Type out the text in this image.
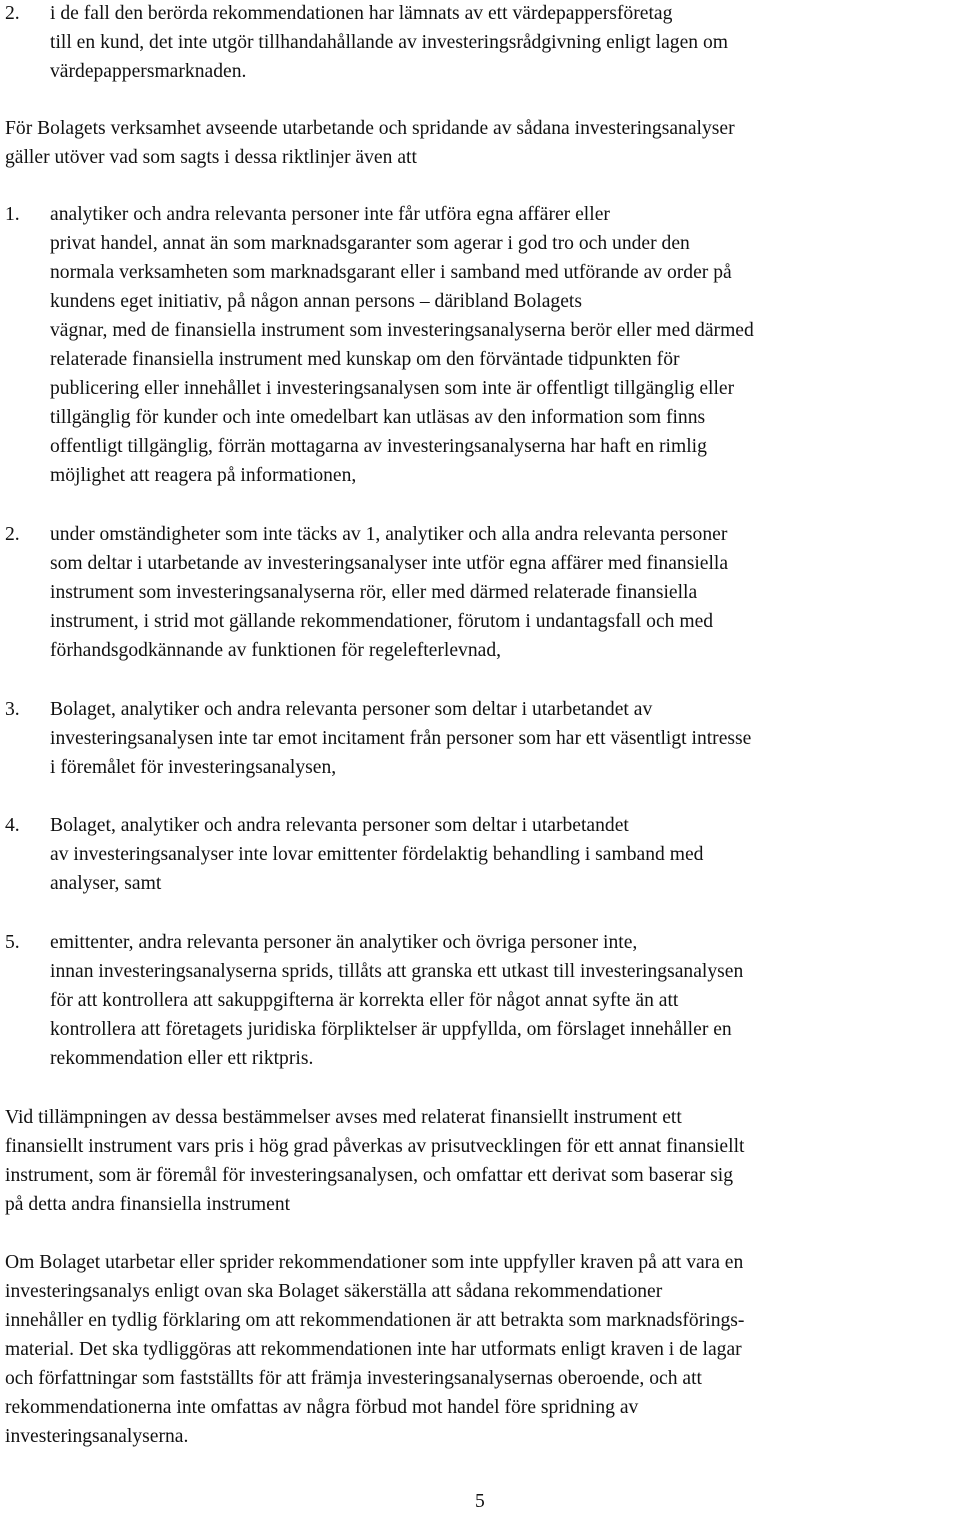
2. i de fall den berörda rekommendationen har lämnats av ett värdepappersföretag
till en kund, det inte utgör tillhandahållande av investeringsrådgivning enligt lagen om
värdepappersmarknaden.
För Bolagets verksamhet avseende utarbetande och spridande av sådana investeringsanalyser
gäller utöver vad som sagts i dessa riktlinjer även att
1. analytiker och andra relevanta personer inte får utföra egna affärer eller
privat handel, annat än som marknadsgaranter som agerar i god tro och under den
normala verksamheten som marknadsgarant eller i samband med utförande av order på
kundens eget initiativ, på någon annan persons – däribland Bolagets
vägnar, med de finansiella instrument som investeringsanalyserna berör eller med därmed
relaterade finansiella instrument med kunskap om den förväntade tidpunkten för
publicering eller innehållet i investeringsanalysen som inte är offentligt tillgänglig eller
tillgänglig för kunder och inte omedelbart kan utläsas av den information som finns
offentligt tillgänglig, förrän mottagarna av investeringsanalyserna har haft en rimlig
möjlighet att reagera på informationen,
2. under omständigheter som inte täcks av 1, analytiker och alla andra relevanta personer
som deltar i utarbetande av investeringsanalyser inte utför egna affärer med finansiella
instrument som investeringsanalyserna rör, eller med därmed relaterade finansiella
instrument, i strid mot gällande rekommendationer, förutom i undantagsfall och med
förhandsgodkännande av funktionen för regelefterlevnad,
3. Bolaget, analytiker och andra relevanta personer som deltar i utarbetandet av
investeringsanalysen inte tar emot incitament från personer som har ett väsentligt intresse
i föremålet för investeringsanalysen,
4. Bolaget, analytiker och andra relevanta personer som deltar i utarbetandet
av investeringsanalyser inte lovar emittenter fördelaktig behandling i samband med
analyser, samt
5. emittenter, andra relevanta personer än analytiker och övriga personer inte,
innan investeringsanalyserna sprids, tillåts att granska ett utkast till investeringsanalysen
för att kontrollera att sakuppgifterna är korrekta eller för något annat syfte än att
kontrollera att företagets juridiska förpliktelser är uppfyllda, om förslaget innehåller en
rekommendation eller ett riktpris.
Vid tillämpningen av dessa bestämmelser avses med relaterat finansiellt instrument ett
finansiellt instrument vars pris i hög grad påverkas av prisutvecklingen för ett annat finansiellt
instrument, som är föremål för investeringsanalysen, och omfattar ett derivat som baserar sig
på detta andra finansiella instrument
Om Bolaget utarbetar eller sprider rekommendationer som inte uppfyller kraven på att vara en
investeringsanalys enligt ovan ska Bolaget säkerställa att sådana rekommendationer
innehåller en tydlig förklaring om att rekommendationen är att betrakta som marknadsförings-
material. Det ska tydliggöras att rekommendationen inte har utformats enligt kraven i de lagar
och författningar som fastställts för att främja investeringsanalysernas oberoende, och att
rekommendationerna inte omfattas av några förbud mot handel före spridning av
investeringsanalyserna.
5
